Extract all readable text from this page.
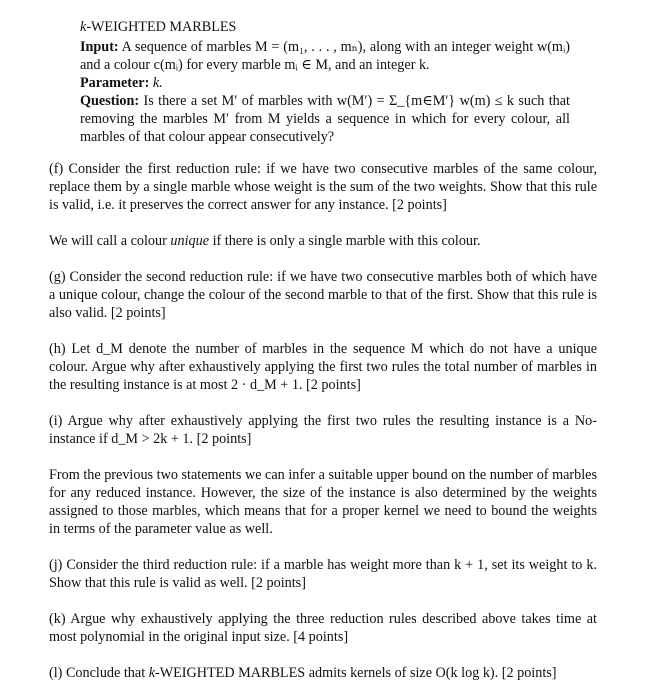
k-WEIGHTED MARBLES

Input: A sequence of marbles M = (m₁, . . . , mₙ), along with an integer weight w(mᵢ) and a colour c(mᵢ) for every marble mᵢ ∈ M, and an integer k.

Parameter: k.

Question: Is there a set M′ of marbles with w(M′) = Σ_{m∈M′} w(m) ≤ k such that removing the marbles M′ from M yields a sequence in which for every colour, all marbles of that colour appear consecutively?

(f) Consider the first reduction rule: if we have two consecutive marbles of the same colour, replace them by a single marble whose weight is the sum of the two weights. Show that this rule is valid, i.e. it preserves the correct answer for any instance. [2 points]

We will call a colour unique if there is only a single marble with this colour.

(g) Consider the second reduction rule: if we have two consecutive marbles both of which have a unique colour, change the colour of the second marble to that of the first. Show that this rule is also valid. [2 points]

(h) Let d_M denote the number of marbles in the sequence M which do not have a unique colour. Argue why after exhaustively applying the first two rules the total number of marbles in the resulting instance is at most 2 · d_M + 1. [2 points]

(i) Argue why after exhaustively applying the first two rules the resulting instance is a No-instance if d_M > 2k + 1. [2 points]

From the previous two statements we can infer a suitable upper bound on the number of marbles for any reduced instance. However, the size of the instance is also determined by the weights assigned to those marbles, which means that for a proper kernel we need to bound the weights in terms of the parameter value as well.

(j) Consider the third reduction rule: if a marble has weight more than k + 1, set its weight to k. Show that this rule is valid as well. [2 points]

(k) Argue why exhaustively applying the three reduction rules described above takes time at most polynomial in the original input size. [4 points]

(l) Conclude that k-WEIGHTED MARBLES admits kernels of size O(k log k). [2 points]
